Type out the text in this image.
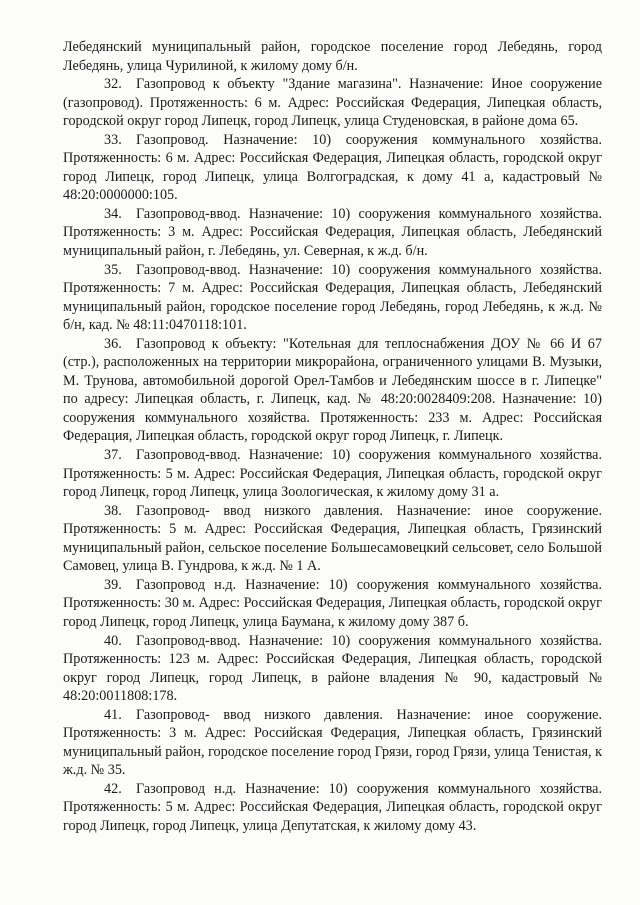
Лебедянский муниципальный район, городское поселение город Лебедянь, город Лебедянь, улица Чурилиной, к жилому дому б/н.

32. Газопровод к объекту "Здание магазина". Назначение: Иное сооружение (газопровод). Протяженность: 6 м. Адрес: Российская Федерация, Липецкая область, городской округ город Липецк, город Липецк, улица Студеновская, в районе дома 65.

33. Газопровод. Назначение: 10) сооружения коммунального хозяйства. Протяженность: 6 м. Адрес: Российская Федерация, Липецкая область, городской округ город Липецк, город Липецк, улица Волгоградская, к дому 41 а, кадастровый № 48:20:0000000:105.

34. Газопровод-ввод. Назначение: 10) сооружения коммунального хозяйства. Протяженность: 3 м. Адрес: Российская Федерация, Липецкая область, Лебедянский муниципальный район, г. Лебедянь, ул. Северная, к ж.д. б/н.

35. Газопровод-ввод. Назначение: 10) сооружения коммунального хозяйства. Протяженность: 7 м. Адрес: Российская Федерация, Липецкая область, Лебедянский муниципальный район, городское поселение город Лебедянь, город Лебедянь, к ж.д. № б/н, кад. № 48:11:0470118:101.

36. Газопровод к объекту: "Котельная для теплоснабжения ДОУ № 66 И 67 (стр.), расположенных на территории микрорайона, ограниченного улицами В. Музыки, М. Трунова, автомобильной дорогой Орел-Тамбов и Лебедянским шоссе в г. Липецке" по адресу: Липецкая область, г. Липецк, кад. № 48:20:0028409:208. Назначение: 10) сооружения коммунального хозяйства. Протяженность: 233 м. Адрес: Российская Федерация, Липецкая область, городской округ город Липецк, г. Липецк.

37. Газопровод-ввод. Назначение: 10) сооружения коммунального хозяйства. Протяженность: 5 м. Адрес: Российская Федерация, Липецкая область, городской округ город Липецк, город Липецк, улица Зоологическая, к жилому дому 31 а.

38. Газопровод- ввод низкого давления. Назначение: иное сооружение. Протяженность: 5 м. Адрес: Российская Федерация, Липецкая область, Грязинский муниципальный район, сельское поселение Большесамовецкий сельсовет, село Большой Самовец, улица В. Гундрова, к ж.д. № 1 А.

39. Газопровод н.д. Назначение: 10) сооружения коммунального хозяйства. Протяженность: 30 м. Адрес: Российская Федерация, Липецкая область, городской округ город Липецк, город Липецк, улица Баумана, к жилому дому 387 б.

40. Газопровод-ввод. Назначение: 10) сооружения коммунального хозяйства. Протяженность: 123 м. Адрес: Российская Федерация, Липецкая область, городской округ город Липецк, город Липецк, в районе владения № 90, кадастровый № 48:20:0011808:178.

41. Газопровод- ввод низкого давления. Назначение: иное сооружение. Протяженность: 3 м. Адрес: Российская Федерация, Липецкая область, Грязинский муниципальный район, городское поселение город Грязи, город Грязи, улица Тенистая, к ж.д. № 35.

42. Газопровод н.д. Назначение: 10) сооружения коммунального хозяйства. Протяженность: 5 м. Адрес: Российская Федерация, Липецкая область, городской округ город Липецк, город Липецк, улица Депутатская, к жилому дому 43.
